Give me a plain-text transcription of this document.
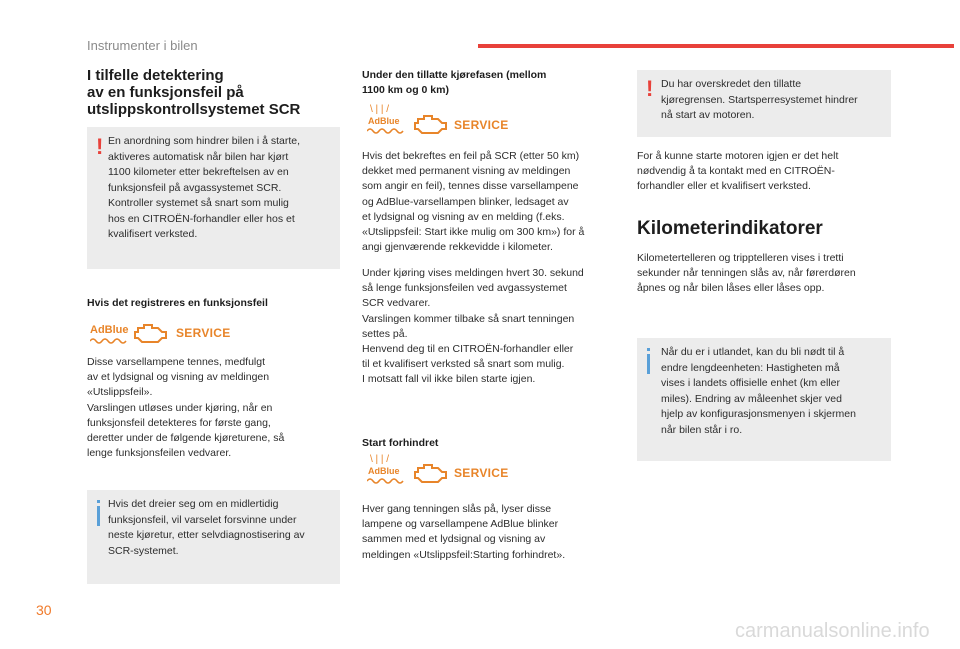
Instrumenter i bilen
I tilfelle detektering
av en funksjonsfeil på
utslippskontrollsystemet SCR
! En anordning som hindrer bilen i å starte,
aktiveres automatisk når bilen har kjørt
1100 kilometer etter bekreftelsen av en
funksjonsfeil på avgassystemet SCR.
Kontroller systemet så snart som mulig
hos en CITROËN-forhandler eller hos et
kvalifisert verksted.
Hvis det registreres en funksjonsfeil
AdBlue	SERVICE
Disse varsellampene tennes, medfulgt
av et lydsignal og visning av meldingen
«Utslippsfeil».
Varslingen utløses under kjøring, når en
funksjonsfeil detekteres for første gang,
deretter under de følgende kjøreturene, så
lenge funksjonsfeilen vedvarer.
Hvis det dreier seg om en midlertidig
funksjonsfeil, vil varselet forsvinne under
neste kjøretur, etter selvdiagnostisering av
SCR-systemet.
Under den tillatte kjørefasen (mellom
1100 km og 0 km)
\ | | /
AdBlue	SERVICE
Hvis det bekreftes en feil på SCR (etter 50 km)
dekket med permanent visning av meldingen
som angir en feil), tennes disse varsellampene
og AdBlue-varsellampen blinker, ledsaget av
et lydsignal og visning av en melding (f.eks.
«Utslippsfeil: Start ikke mulig om 300 km») for å
angi gjenværende rekkevidde i kilometer.
Under kjøring vises meldingen hvert 30. sekund
så lenge funksjonsfeilen ved avgassystemet
SCR vedvarer.
Varslingen kommer tilbake så snart tenningen
settes på.
Henvend deg til en CITROËN-forhandler eller
til et kvalifisert verksted så snart som mulig.
I motsatt fall vil ikke bilen starte igjen.
Start forhindret
\ | | /
AdBlue	SERVICE
Hver gang tenningen slås på, lyser disse
lampene og varsellampene AdBlue blinker
sammen med et lydsignal og visning av
meldingen «Utslippsfeil:Starting forhindret».
! Du har overskredet den tillatte
kjøregrensen. Startsperresystemet hindrer
nå start av motoren.
For å kunne starte motoren igjen er det helt
nødvendig å ta kontakt med en CITROËN-
forhandler eller et kvalifisert verksted.
Kilometerindikatorer
Kilometertelleren og tripptelleren vises i tretti
sekunder når tenningen slås av, når førerdøren
åpnes og når bilen låses eller låses opp.
Når du er i utlandet, kan du bli nødt til å
endre lengdeenheten: Hastigheten må
vises i landets offisielle enhet (km eller
miles). Endring av måleenhet skjer ved
hjelp av konfigurasjonsmenyen i skjermen
når bilen står i ro.
30
carmanualsonline.info
